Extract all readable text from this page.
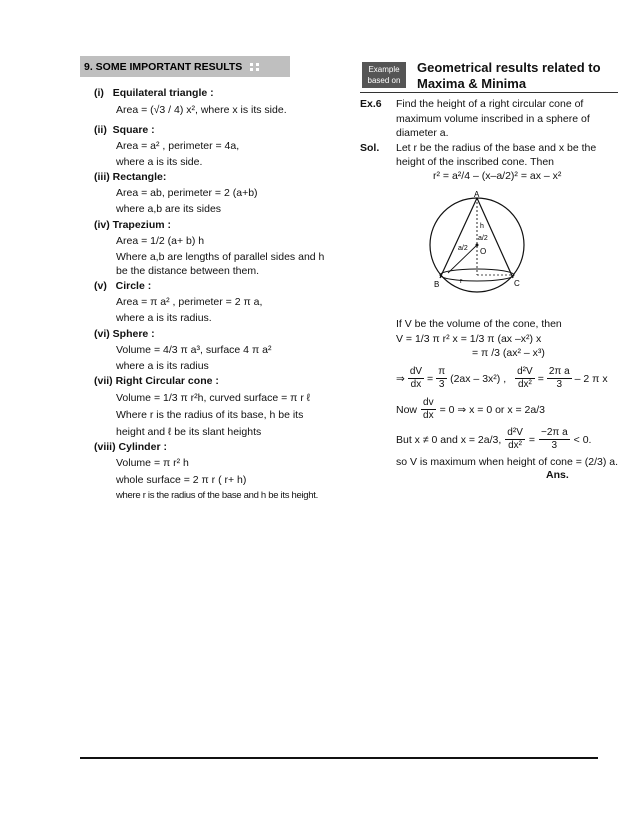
9. SOME IMPORTANT RESULTS
(i) Equilateral triangle :
Area = (√3 / 4) x², where x is its side.
(ii) Square :
Area = a² , perimeter = 4a,
where a is its side.
(iii) Rectangle:
Area = ab, perimeter = 2 (a+b)
where a,b are its sides
(iv) Trapezium :
Area = 1/2 (a+ b) h
Where a,b are lengths of parallel sides and h
be the distance between them.
(v) Circle :
Area = π a² , perimeter = 2 π a,
where a is its radius.
(vi) Sphere :
Volume = 4/3 π a³, surface 4 π a²
where a is its radius
(vii) Right Circular cone :
Volume = 1/3 π r²h, curved surface = π r ℓ
Where r is the radius of its base, h be its
height and ℓ be its slant heights
(viii) Cylinder :
Volume = π r² h
whole surface = 2 π r ( r+ h)
where r is the radius of the base and h be its height.
Example
based on
Geometrical results related to
Maxima & Minima
Ex.6 Find the height of a right circular cone of
maximum volume inscribed in a sphere of
diameter a.
Sol. Let r be the radius of the base and x be the
height of the inscribed cone. Then
r² = a²/4 – (x–a/2)² = ax – x²
A
B	C
O
a/2
a/2
h
r
If V be the volume of the cone, then
V = 1/3 π r² x = 1/3 π (ax –x²) x
= π /3 (ax² – x³)
⇒ $\frac{dV}{dx} = \frac{\pi}{3} (2ax - 3x^2)$ , $\frac{\text{d²V}}{\text{dx²}} = \frac{\text{2π a}}{3} - 2$ π x
Now $\frac{dv}{dx} = 0$ ⇒ x = 0 or x = 2a/3
But x ≠ 0 and x = 2a/3, $\frac{\text{d²V}}{\text{dx²}} = \frac{\text{−2π a}}{3} < 0$.
so V is maximum when height of cone = (2/3) a.
Ans.
